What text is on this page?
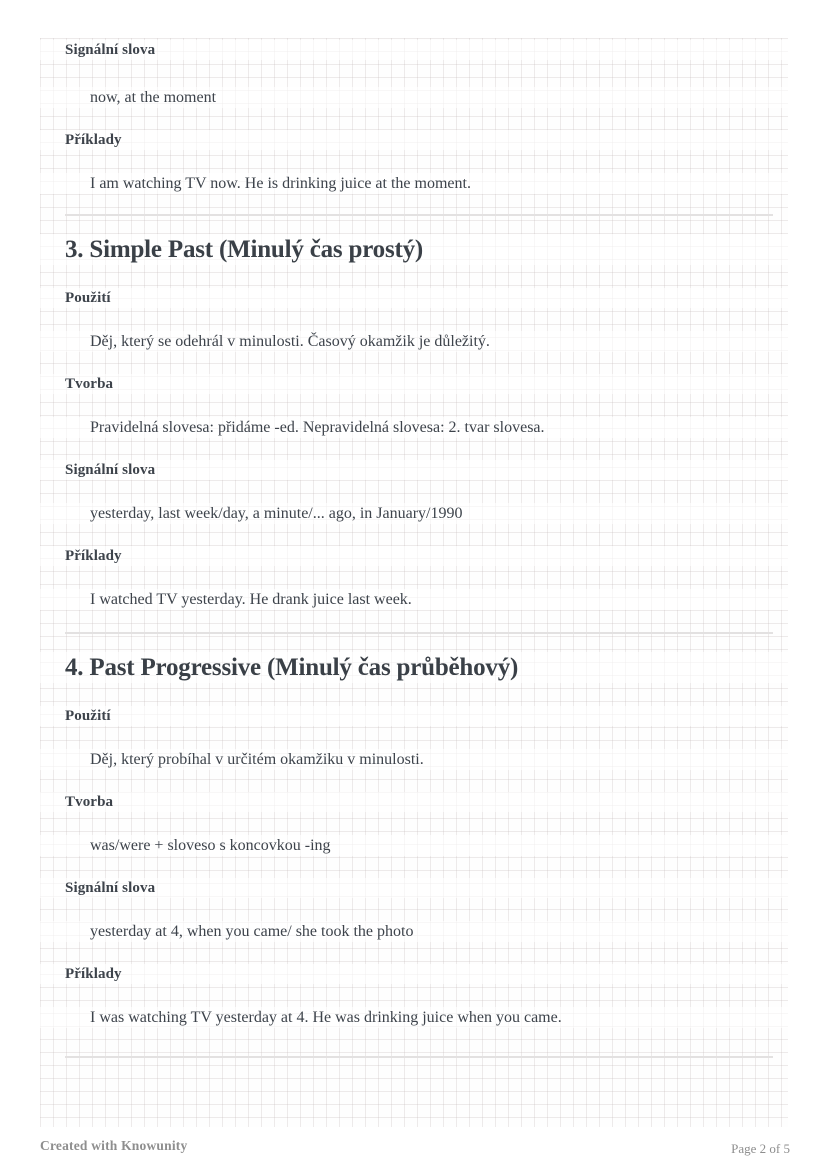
Signální slova
now, at the moment
Příklady
I am watching TV now. He is drinking juice at the moment.
3. Simple Past (Minulý čas prostý)
Použití
Děj, který se odehrál v minulosti. Časový okamžik je důležitý.
Tvorba
Pravidelná slovesa: přidáme -ed. Nepravidelná slovesa: 2. tvar slovesa.
Signální slova
yesterday, last week/day, a minute/... ago, in January/1990
Příklady
I watched TV yesterday. He drank juice last week.
4. Past Progressive (Minulý čas průběhový)
Použití
Děj, který probíhal v určitém okamžiku v minulosti.
Tvorba
was/were + sloveso s koncovkou -ing
Signální slova
yesterday at 4, when you came/ she took the photo
Příklady
I was watching TV yesterday at 4. He was drinking juice when you came.
Created with Knowunity	Page 2 of 5
